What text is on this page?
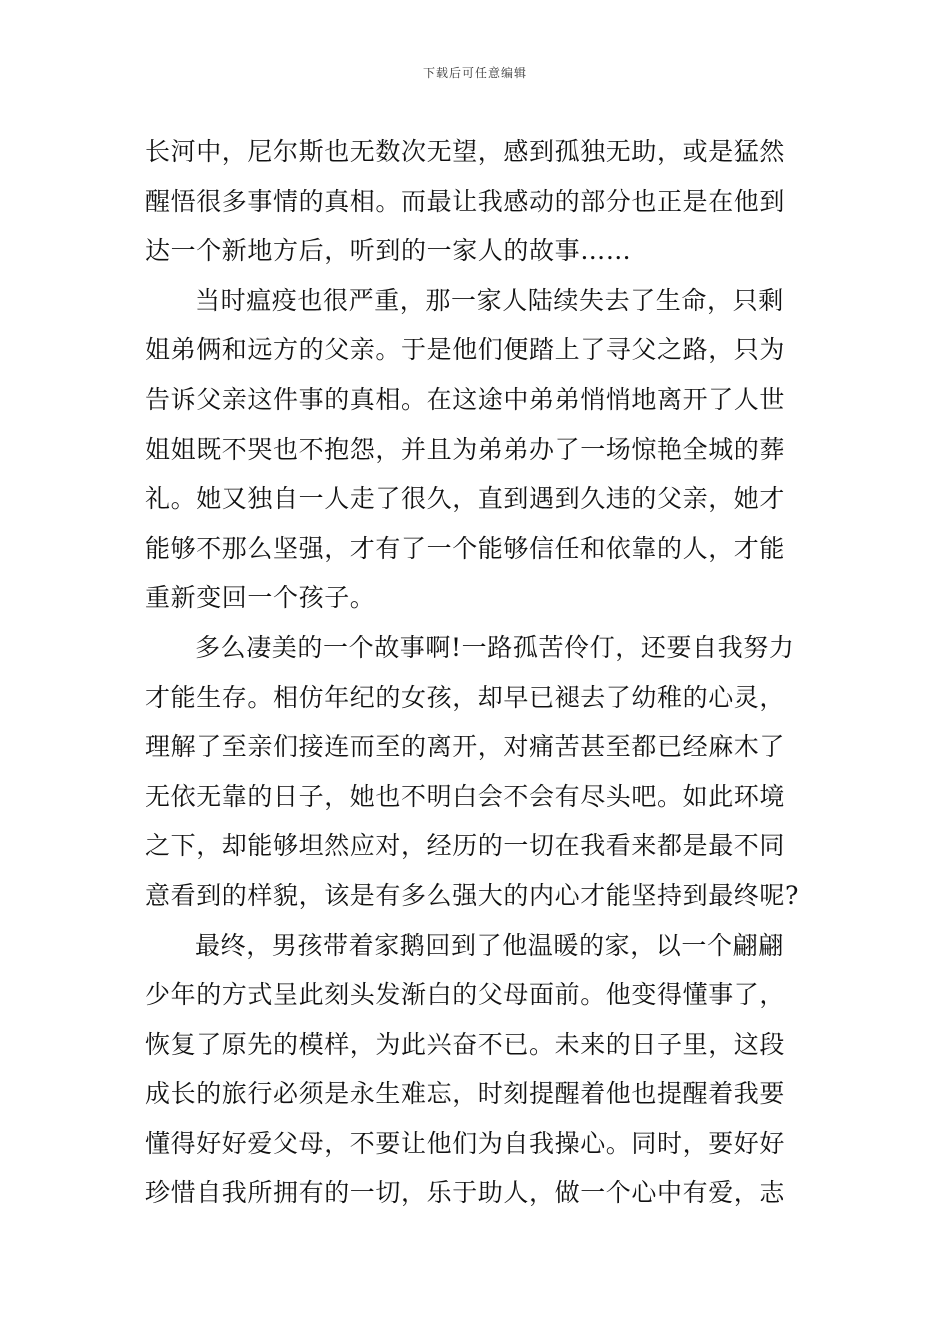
下载后可任意编辑
长河中，尼尔斯也无数次无望，感到孤独无助，或是猛然
醒悟很多事情的真相。而最让我感动的部分也正是在他到
达一个新地方后，听到的一家人的故事……
当时瘟疫也很严重，那一家人陆续失去了生命，只剩
姐弟俩和远方的父亲。于是他们便踏上了寻父之路，只为
告诉父亲这件事的真相。在这途中弟弟悄悄地离开了人世
姐姐既不哭也不抱怨，并且为弟弟办了一场惊艳全城的葬
礼。她又独自一人走了很久，直到遇到久违的父亲，她才
能够不那么坚强，才有了一个能够信任和依靠的人，才能
重新变回一个孩子。
多么凄美的一个故事啊!一路孤苦伶仃，还要自我努力
才能生存。相仿年纪的女孩，却早已褪去了幼稚的心灵，
理解了至亲们接连而至的离开，对痛苦甚至都已经麻木了
无依无靠的日子，她也不明白会不会有尽头吧。如此环境
之下，却能够坦然应对，经历的一切在我看来都是最不同
意看到的样貌，该是有多么强大的内心才能坚持到最终呢?
最终，男孩带着家鹅回到了他温暖的家，以一个翩翩
少年的方式呈此刻头发渐白的父母面前。他变得懂事了，
恢复了原先的模样，为此兴奋不已。未来的日子里，这段
成长的旅行必须是永生难忘，时刻提醒着他也提醒着我要
懂得好好爱父母，不要让他们为自我操心。同时，要好好
珍惜自我所拥有的一切，乐于助人，做一个心中有爱，志
